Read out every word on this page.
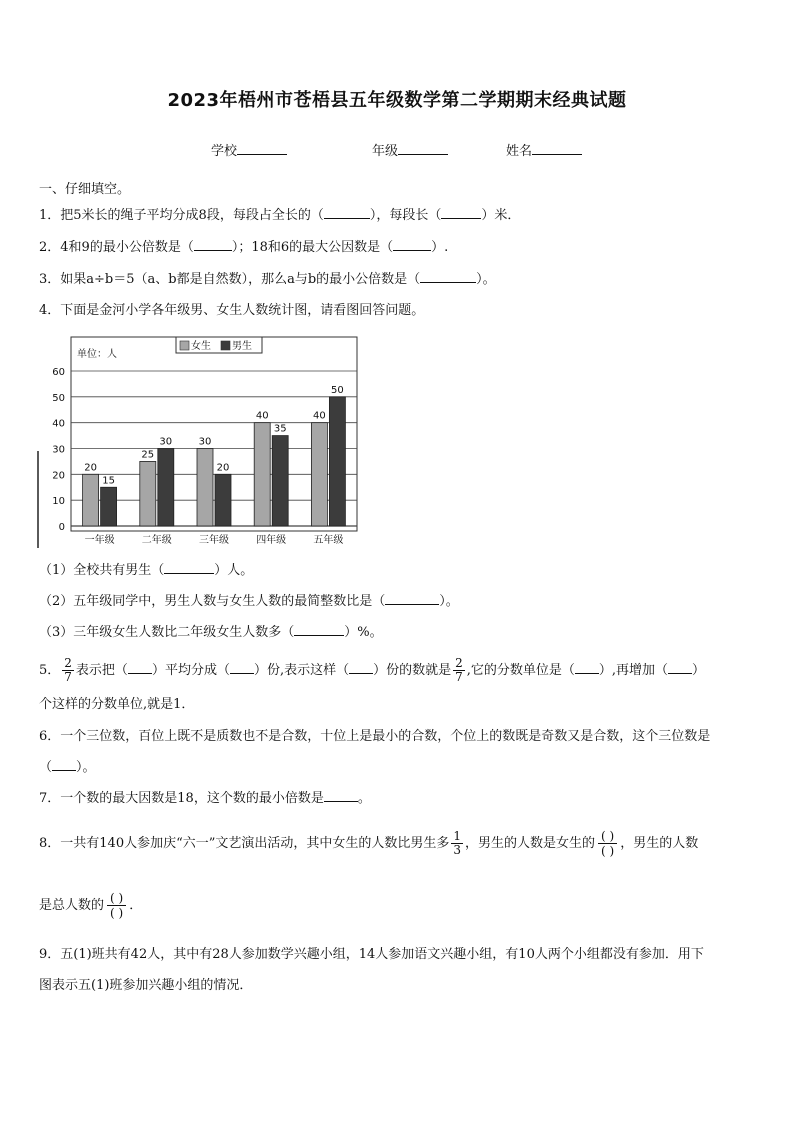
2023年梧州市苍梧县五年级数学第二学期期末经典试题
学校	年级	姓名
一、仔细填空。
1．把5米长的绳子平均分成8段，每段占全长的（	），每段长（	）米．
2．4和9的最小公倍数是（	）；18和6的最大公因数是（	）.
3．如果a÷b＝5（a、b都是自然数），那么a与b的最小公倍数是（	）。
4．下面是金河小学各年级男、女生人数统计图，请看图回答问题。
单位：人
女生 男生
0
10
20
30
40
50
60
20
15
一年级
25
30
二年级
30
20
三年级
40
35
四年级
40
50
五年级
（1）全校共有男生（	）人。
（2）五年级同学中，男生人数与女生人数的最简整数比是（	）。
（3）三年级女生人数比二年级女生人数多（	）%。
5． $\frac{2}{7}$ 表示把（ ）平均分成（ ）份,表示这样（ ）份的数就是 $\frac{2}{7}$ ,它的分数单位是（ ）,再增加（ ）
个这样的分数单位,就是1．
6．一个三位数，百位上既不是质数也不是合数，十位上是最小的合数，个位上的数既是奇数又是合数，这个三位数是
（ ）。
7．一个数的最大因数是18，这个数的最小倍数是	。
8．一共有140人参加庆“六一”文艺演出活动，其中女生的人数比男生多 $\frac{1}{3}$ ，男生的人数是女生的 $\frac{( )}{( )}$ ，男生的人数
是总人数的 $\frac{( )}{( )}$ ．
9．五(1)班共有42人，其中有28人参加数学兴趣小组，14人参加语文兴趣小组，有10人两个小组都没有参加．用下
图表示五(1)班参加兴趣小组的情况．
